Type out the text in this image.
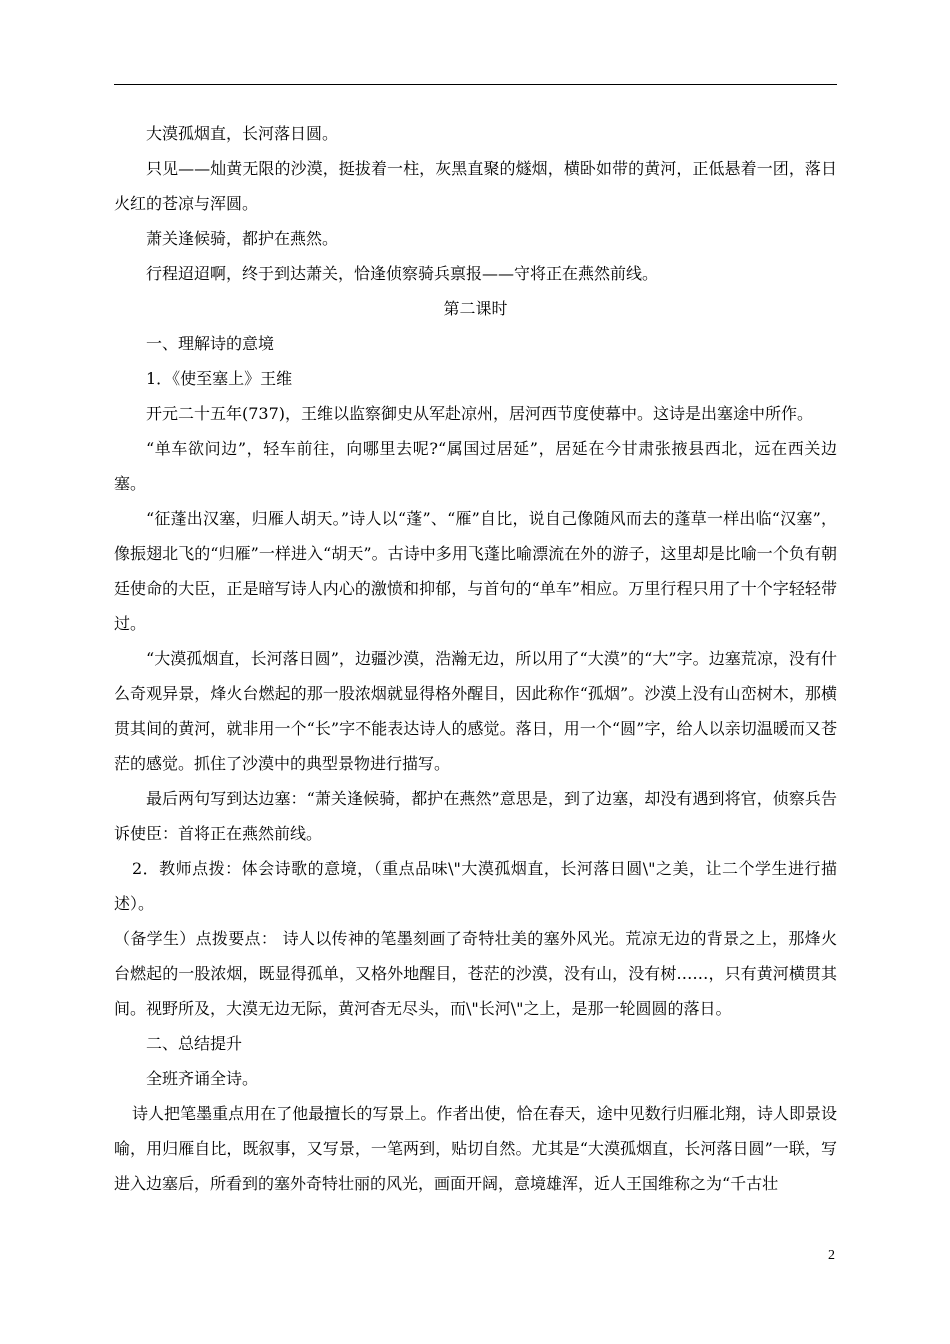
大漠孤烟直，长河落日圆。

只见——灿黄无限的沙漠，挺拔着一柱，灰黑直聚的燧烟，横卧如带的黄河，正低悬着一团，落日火红的苍凉与浑圆。

萧关逢候骑，都护在燕然。

行程迢迢啊，终于到达萧关，恰逢侦察骑兵禀报——守将正在燕然前线。

第二课时

一、理解诗的意境

1．《使至塞上》王维

开元二十五年(737)，王维以监察御史从军赴凉州，居河西节度使幕中。这诗是出塞途中所作。

“单车欲问边”，轻车前往，向哪里去呢?“属国过居延”，居延在今甘肃张掖县西北，远在西关边塞。

“征蓬出汉塞，归雁人胡天。”诗人以“蓬”、“雁”自比，说自己像随风而去的蓬草一样出临“汉塞”，像振翅北飞的“归雁”一样进入“胡天”。古诗中多用飞蓬比喻漂流在外的游子，这里却是比喻一个负有朝廷使命的大臣，正是暗写诗人内心的激愤和抑郁，与首句的“单车”相应。万里行程只用了十个字轻轻带过。

“大漠孤烟直，长河落日圆”，边疆沙漠，浩瀚无边，所以用了“大漠”的“大”字。边塞荒凉，没有什么奇观异景，烽火台燃起的那一股浓烟就显得格外醒目，因此称作“孤烟”。沙漠上没有山峦树木，那横贯其间的黄河，就非用一个“长”字不能表达诗人的感觉。落日，用一个“圆”字，给人以亲切温暖而又苍茫的感觉。抓住了沙漠中的典型景物进行描写。

最后两句写到达边塞：“萧关逢候骑，都护在燕然”意思是，到了边塞，却没有遇到将官，侦察兵告诉使臣：首将正在燕然前线。

2．教师点拨：体会诗歌的意境，（重点品味\"大漠孤烟直，长河落日圆\"之美，让二个学生进行描述）。

（备学生）点拨要点： 诗人以传神的笔墨刻画了奇特壮美的塞外风光。荒凉无边的背景之上，那烽火台燃起的一股浓烟，既显得孤单，又格外地醒目，苍茫的沙漠，没有山，没有树……，只有黄河横贯其间。视野所及，大漠无边无际，黄河杳无尽头，而\"长河\"之上，是那一轮圆圆的落日。

二、总结提升

全班齐诵全诗。

诗人把笔墨重点用在了他最擅长的写景上。作者出使，恰在春天，途中见数行归雁北翔，诗人即景设喻，用归雁自比，既叙事，又写景，一笔两到，贴切自然。尤其是“大漠孤烟直，长河落日圆”一联，写进入边塞后，所看到的塞外奇特壮丽的风光，画面开阔，意境雄浑，近人王国维称之为“千古壮

2
